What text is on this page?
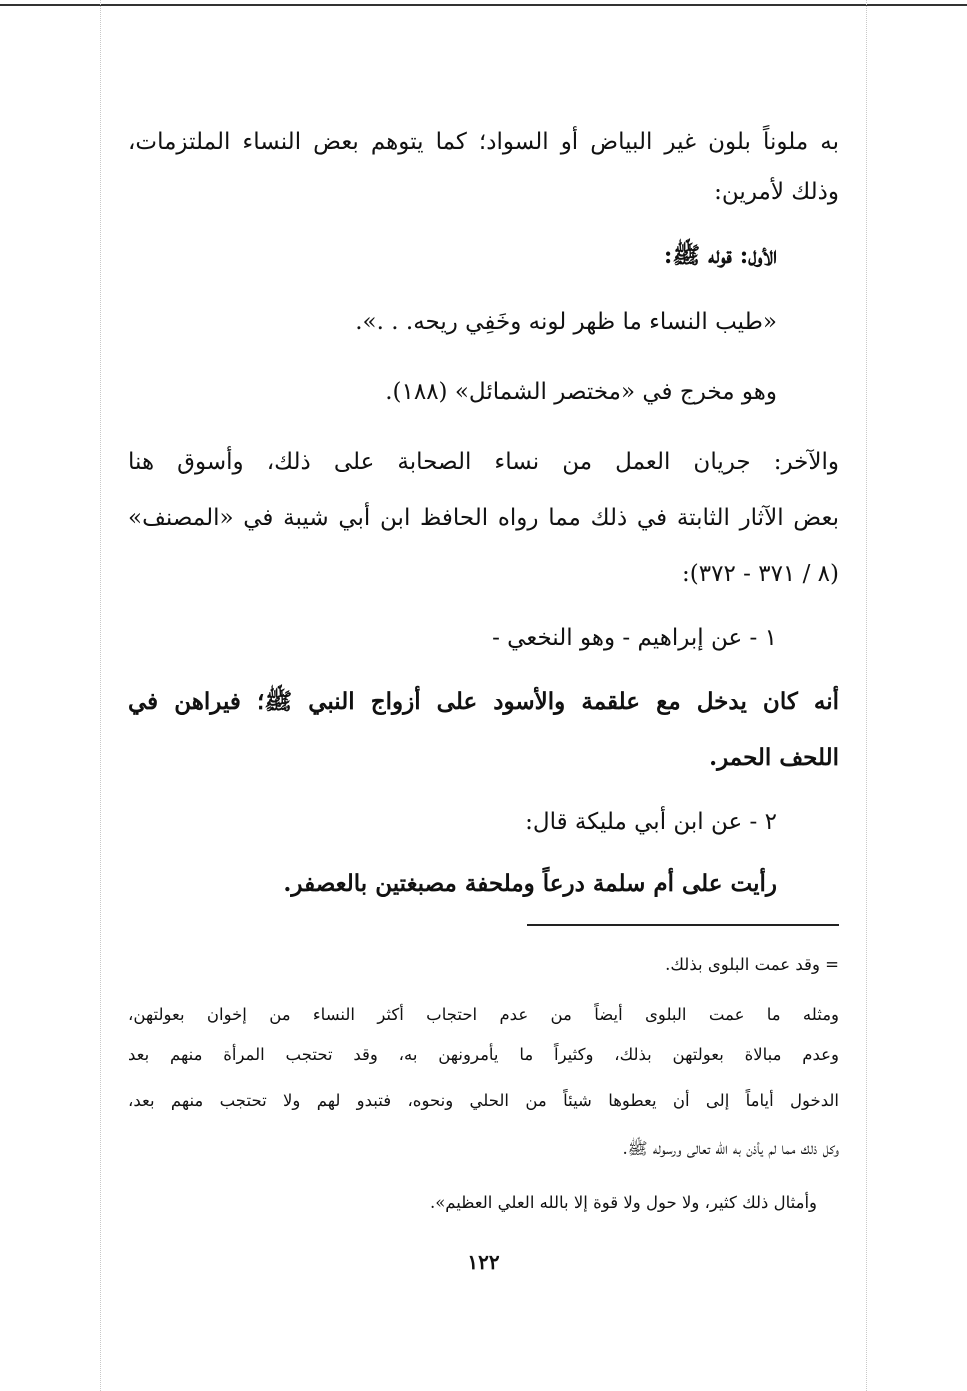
به ملوناً بلون غير البياض أو السواد؛ كما يتوهم بعض النساء الملتزمات،

وذلك لأمرين:

الأول: قوله ﷺ:

«طيب النساء ما ظهر لونه وخَفِي ريحه. . .».

وهو مخرج في «مختصر الشمائل» (١٨٨).

والآخر: جريان العمل من نساء الصحابة على ذلك، وأسوق هنا

بعض الآثار الثابتة في ذلك مما رواه الحافظ ابن أبي شيبة في «المصنف»

(٨ / ٣٧١ - ٣٧٢):

١ - عن إبراهيم - وهو النخعي -

أنه كان يدخل مع علقمة والأسود على أزواج النبي ﷺ؛ فيراهن في

اللحف الحمر.

٢ - عن ابن أبي مليكة قال:

رأيت على أم سلمة درعاً وملحفة مصبغتين بالعصفر.

= وقد عمت البلوى بذلك.

ومثله ما عمت البلوى أيضاً من عدم احتجاب أكثر النساء من إخوان بعولتهن،

وعدم مبالاة بعولتهن بذلك، وكثيراً ما يأمرونهن به، وقد تحتجب المرأة منهم بعد

الدخول أياماً إلى أن يعطوها شيئاً من الحلي ونحوه، فتبدو لهم ولا تحتجب منهم بعد،

وكل ذلك مما لم يأذن به الله تعالى ورسوله ﷺ.

وأمثال ذلك كثير، ولا حول ولا قوة إلا بالله العلي العظيم».

١٢٢
